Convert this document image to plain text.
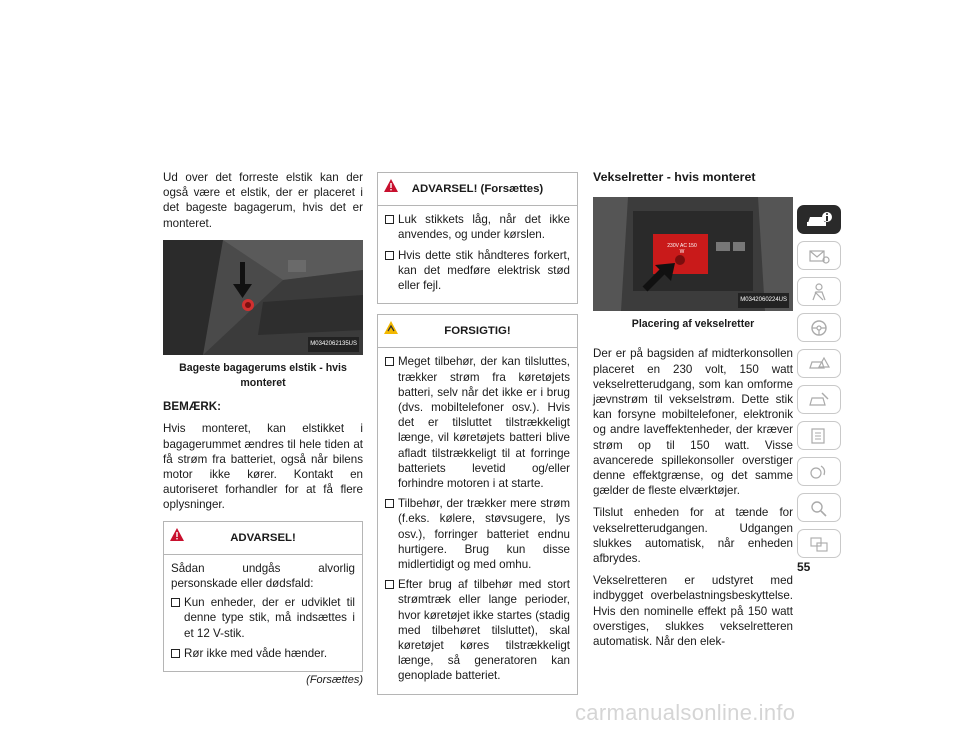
Ud over det forreste elstik kan der også være et elstik, der er placeret i det bageste bagagerum, hvis det er monteret.

M0342062135US
Bageste bagagerums elstik - hvis monteret

BEMÆRK:

Hvis monteret, kan elstikket i bagagerummet ændres til hele tiden at få strøm fra batteriet, også når bilens motor ikke kører. Kontakt en autoriseret forhandler for at få flere oplysninger.

ADVARSEL!

Sådan undgås alvorlig personskade eller dødsfald:

Kun enheder, der er udviklet til denne type stik, må indsættes i et 12 V-stik.
Rør ikke med våde hænder.
(Forsættes)
ADVARSEL! (Forsættes)
Luk stikkets låg, når det ikke anvendes, og under kørslen.
Hvis dette stik håndteres forkert, kan det medføre elektrisk stød eller fejl.
FORSIGTIG!
Meget tilbehør, der kan tilsluttes, trækker strøm fra køretøjets batteri, selv når det ikke er i brug (dvs. mobiltelefoner osv.). Hvis det er tilsluttet tilstrækkeligt længe, vil køretøjets batteri blive afladt tilstrækkeligt til at forringe batteriets levetid og/eller forhindre motoren i at starte.
Tilbehør, der trækker mere strøm (f.eks. kølere, støvsugere, lys osv.), forringer batteriet endnu hurtigere. Brug kun disse midlertidigt og med omhu.
Efter brug af tilbehør med stort strømtræk eller lange perioder, hvor køretøjet ikke startes (stadig med tilbehøret tilsluttet), skal køretøjet køres tilstrækkeligt længe, så generatoren kan genoplade batteriet.
Vekselretter - hvis monteret
230V AC 150 W
M0342060224US
Placering af vekselretter

Der er på bagsiden af midterkonsollen placeret en 230 volt, 150 watt vekselretterudgang, som kan omforme jævnstrøm til vekselstrøm. Dette stik kan forsyne mobiltelefoner, elektronik og andre laveffektenheder, der kræver strøm op til 150 watt. Visse avancerede spillekonsoller overstiger denne effektgrænse, og det samme gælder de fleste elværktøjer.

Tilslut enheden for at tænde for vekselretterudgangen. Udgangen slukkes automatisk, når enheden afbrydes.

Vekselretteren er udstyret med indbygget overbelastningsbeskyttelse. Hvis den nominelle effekt på 150 watt overstiges, slukkes vekselretteren automatisk. Når den elek-

55
carmanualsonline.info
